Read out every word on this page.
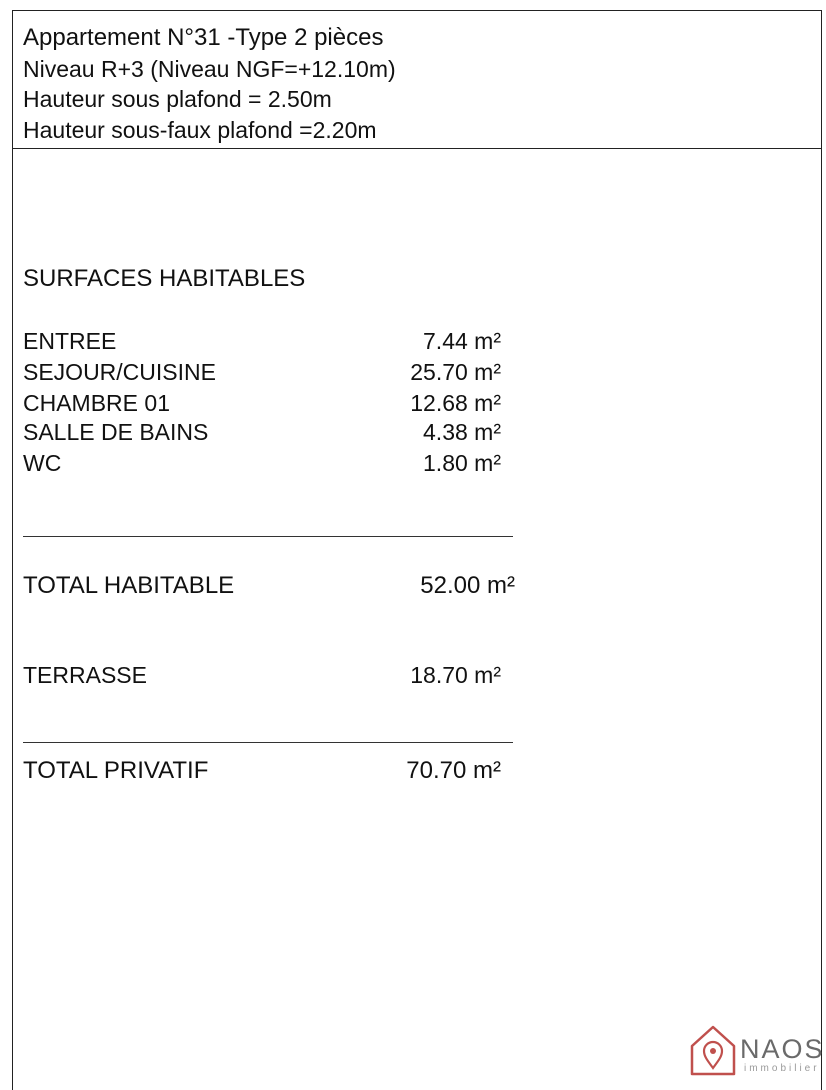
Appartement N°31 -Type 2 pièces
Niveau R+3 (Niveau NGF=+12.10m)
Hauteur sous plafond = 2.50m
Hauteur sous-faux plafond =2.20m
SURFACES HABITABLES
ENTREE	7.44 m²
SEJOUR/CUISINE	25.70 m²
CHAMBRE 01	12.68 m²
SALLE DE BAINS	4.38 m²
WC	1.80 m²
TOTAL HABITABLE	52.00 m²
TERRASSE	18.70 m²
TOTAL PRIVATIF	70.70 m²
NAOS
immobilier
